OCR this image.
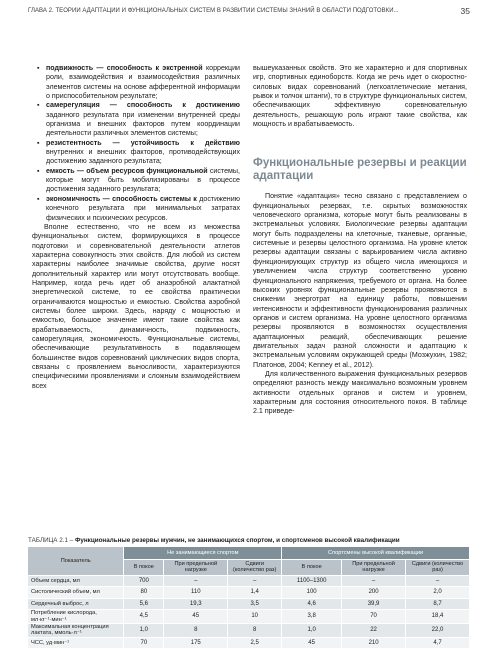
ГЛАВА 2. ТЕОРИИ АДАПТАЦИИ И ФУНКЦИОНАЛЬНЫХ СИСТЕМ В РАЗВИТИИ СИСТЕМЫ ЗНАНИЙ В ОБЛАСТИ ПОДГОТОВКИ...	35
▪ подвижность — способность к экстренной коррекции роли, взаимодействия и взаимосодействия различных элементов системы на основе афферентной информации о приспособительном результате;
▪ самерегуляция — способность к достижению заданного результата при изменении внутренней среды организма и внешних факторов путем координации деятельности различных элементов системы;
▪ резистентность — устойчивость к действию внутренних и внешних факторов, противодействующих достижению заданного результата;
▪ емкость — объем ресурсов функциональной системы, которые могут быть мобилизированы в процессе достижения заданного результата;
▪ экономичность — способность системы к достижению конечного результата при минимальных затратах физических и психических ресурсов.

Вполне естественно, что не всем из множества функциональных систем, формирующихся в процессе подготовки и соревновательной деятельности атлетов характерна совокупность этих свойств. Для любой из систем характерны наиболее значимые свойства, другие носят дополнительный характер или могут отсутствовать вообще. Например, когда речь идет об анаэробной алактатной энергетической системе, то ее свойства практически ограничиваются мощностью и емкостью. Свойства аэробной системы более широки. Здесь, наряду с мощностью и емкостью, большое значение имеют такие свойства как врабатываемость, динамичность, подвижность, саморегуляция, экономичность. Функциональные системы, обеспечивающие результативность в подавляющем большинстве видов соревнований циклических видов спорта, связаны с проявлением выносливости, характеризуются специфическими проявлениями и сложным взаимодействием всех

вышеуказанных свойств. Это же характерно и для спортивных игр, спортивных единоборств. Когда же речь идет о скоростно-силовых видах соревнований (легкоатлетические метания, рывок и толчок штанги), то в структуре функциональных систем, обеспечивающих эффективную соревновательную деятельность, решающую роль играют такие свойства, как мощность и врабатываемость.

Функциональные резервы и реакции адаптации

Понятие «адаптация» тесно связано с представлением о функциональных резервах, т.е. скрытых возможностях человеческого организма, которые могут быть реализованы в экстремальных условиях. Биологические резервы адаптации могут быть подразделены на клеточные, тканевые, органные, системные и резервы целостного организма. На уровне клеток резервы адаптации связаны с варьированием числа активно функционирующих структур из общего числа имеющихся и увеличением числа структур соответственно уровню функционального напряжения, требуемого от органа. На более высоких уровнях функциональные резервы проявляются в снижении энерготрат на единицу работы, повышении интенсивности и эффективности функционирования различных органов и систем организма. На уровне целостного организма резервы проявляются в возможностях осуществления адаптационных реакций, обеспечивающих решение двигательных задач разной сложности и адаптацию к экстремальным условиям окружающей среды (Мозжухин, 1982; Платонов, 2004; Kenney et al., 2012).

Для количественного выражения функциональных резервов определяют разность между максимально возможным уровнем активности отдельных органов и систем и уровнем, характерным для состояния относительного покоя. В таблице 2.1 приведе-

ТАБЛИЦА 2.1 – Функциональные резервы мужчин, не занимающихся спортом, и спортсменов высокой квалификации
Показатель	Не занимающиеся спортом			Спортсмены высокой квалификации		
	В покое	При предельной нагрузке	Сдвиги (количество раз)	В покое	При предельной нагрузке	Сдвиги (количество раз)
Объем сердца, мл	700	–	–	1100–1300	–	–
Систолический объем, мл	80	110	1,4	100	200	2,0
Сердечный выброс, л	5,6	19,3	3,5	4,6	39,9	8,7
Потребление кислорода, мл·кг⁻¹·мин⁻¹	4,5	45	10	3,8	70	18,4
Максимальная концентрация лактата, ммоль·л⁻¹	1,0	8	8	1,0	22	22,0
ЧСС, уд·мин⁻¹	70	175	2,5	45	210	4,7
